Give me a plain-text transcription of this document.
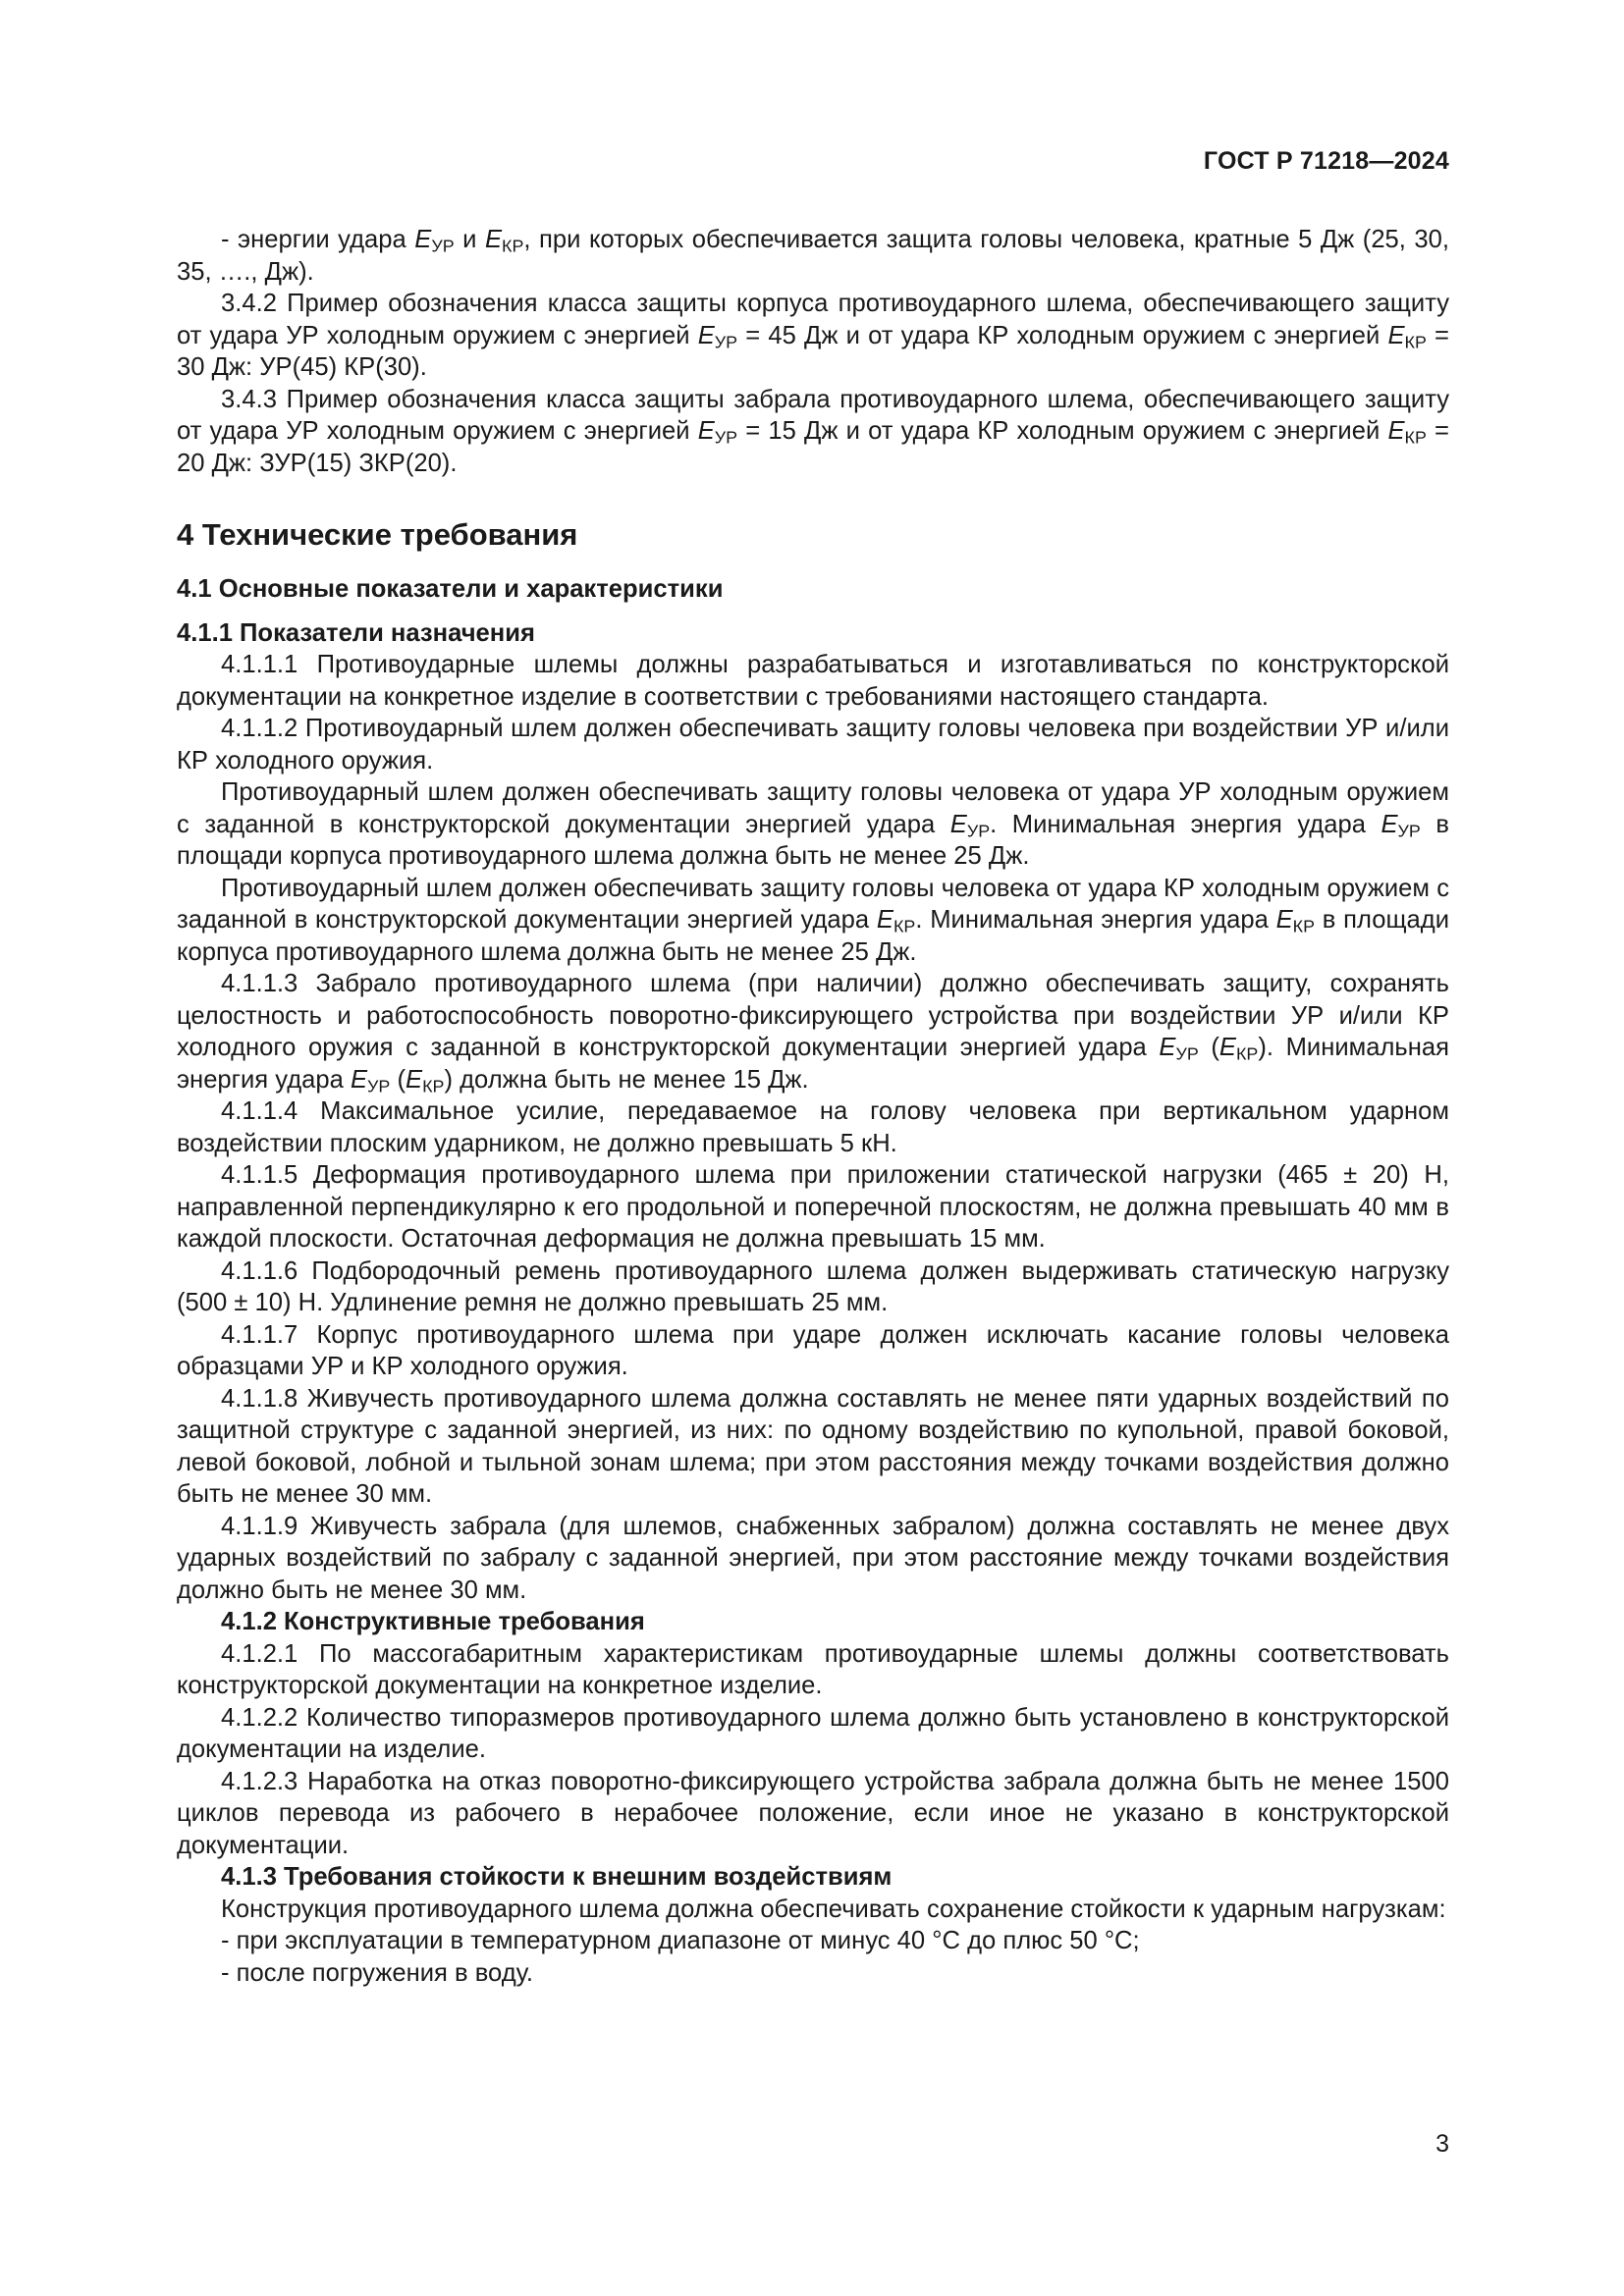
ГОСТ Р 71218—2024

- энергии удара $E_{УР}$ и $E_{КР}$, при которых обеспечивается защита головы человека, кратные 5 Дж (25, 30, 35, …., Дж).

3.4.2 Пример обозначения класса защиты корпуса противоударного шлема, обеспечивающего защиту от удара УР холодным оружием с энергией $E_{УР} = 45$ Дж и от удара КР холодным оружием с энергией $E_{КР} = 30$ Дж: УР(45) КР(30).

3.4.3 Пример обозначения класса защиты забрала противоударного шлема, обеспечивающего защиту от удара УР холодным оружием с энергией $E_{УР} = 15$ Дж и от удара КР холодным оружием с энергией $E_{КР} = 20$ Дж: ЗУР(15) ЗКР(20).

4 Технические требования

4.1 Основные показатели и характеристики

4.1.1 Показатели назначения

4.1.1.1 Противоударные шлемы должны разрабатываться и изготавливаться по конструкторской документации на конкретное изделие в соответствии с требованиями настоящего стандарта.

4.1.1.2 Противоударный шлем должен обеспечивать защиту головы человека при воздействии УР и/или КР холодного оружия.

Противоударный шлем должен обеспечивать защиту головы человека от удара УР холодным оружием с заданной в конструкторской документации энергией удара $E_{УР}$. Минимальная энергия удара $E_{УР}$ в площади корпуса противоударного шлема должна быть не менее 25 Дж.

Противоударный шлем должен обеспечивать защиту головы человека от удара КР холодным оружием с заданной в конструкторской документации энергией удара $E_{КР}$. Минимальная энергия удара $E_{КР}$ в площади корпуса противоударного шлема должна быть не менее 25 Дж.

4.1.1.3 Забрало противоударного шлема (при наличии) должно обеспечивать защиту, сохранять целостность и работоспособность поворотно-фиксирующего устройства при воздействии УР и/или КР холодного оружия с заданной в конструкторской документации энергией удара $E_{УР}$ $(E_{КР})$. Минимальная энергия удара $E_{УР}$ $(E_{КР})$ должна быть не менее 15 Дж.

4.1.1.4 Максимальное усилие, передаваемое на голову человека при вертикальном ударном воздействии плоским ударником, не должно превышать 5 кН.

4.1.1.5 Деформация противоударного шлема при приложении статической нагрузки (465 ± 20) Н, направленной перпендикулярно к его продольной и поперечной плоскостям, не должна превышать 40 мм в каждой плоскости. Остаточная деформация не должна превышать 15 мм.

4.1.1.6 Подбородочный ремень противоударного шлема должен выдерживать статическую нагрузку (500 ± 10) Н. Удлинение ремня не должно превышать 25 мм.

4.1.1.7 Корпус противоударного шлема при ударе должен исключать касание головы человека образцами УР и КР холодного оружия.

4.1.1.8 Живучесть противоударного шлема должна составлять не менее пяти ударных воздействий по защитной структуре с заданной энергией, из них: по одному воздействию по купольной, правой боковой, левой боковой, лобной и тыльной зонам шлема; при этом расстояния между точками воздействия должно быть не менее 30 мм.

4.1.1.9 Живучесть забрала (для шлемов, снабженных забралом) должна составлять не менее двух ударных воздействий по забралу с заданной энергией, при этом расстояние между точками воздействия должно быть не менее 30 мм.

4.1.2 Конструктивные требования

4.1.2.1 По массогабаритным характеристикам противоударные шлемы должны соответствовать конструкторской документации на конкретное изделие.

4.1.2.2 Количество типоразмеров противоударного шлема должно быть установлено в конструкторской документации на изделие.

4.1.2.3 Наработка на отказ поворотно-фиксирующего устройства забрала должна быть не менее 1500 циклов перевода из рабочего в нерабочее положение, если иное не указано в конструкторской документации.

4.1.3 Требования стойкости к внешним воздействиям

Конструкция противоударного шлема должна обеспечивать сохранение стойкости к ударным нагрузкам:

- при эксплуатации в температурном диапазоне от минус 40 °C до плюс 50 °C;

- после погружения в воду.

3
